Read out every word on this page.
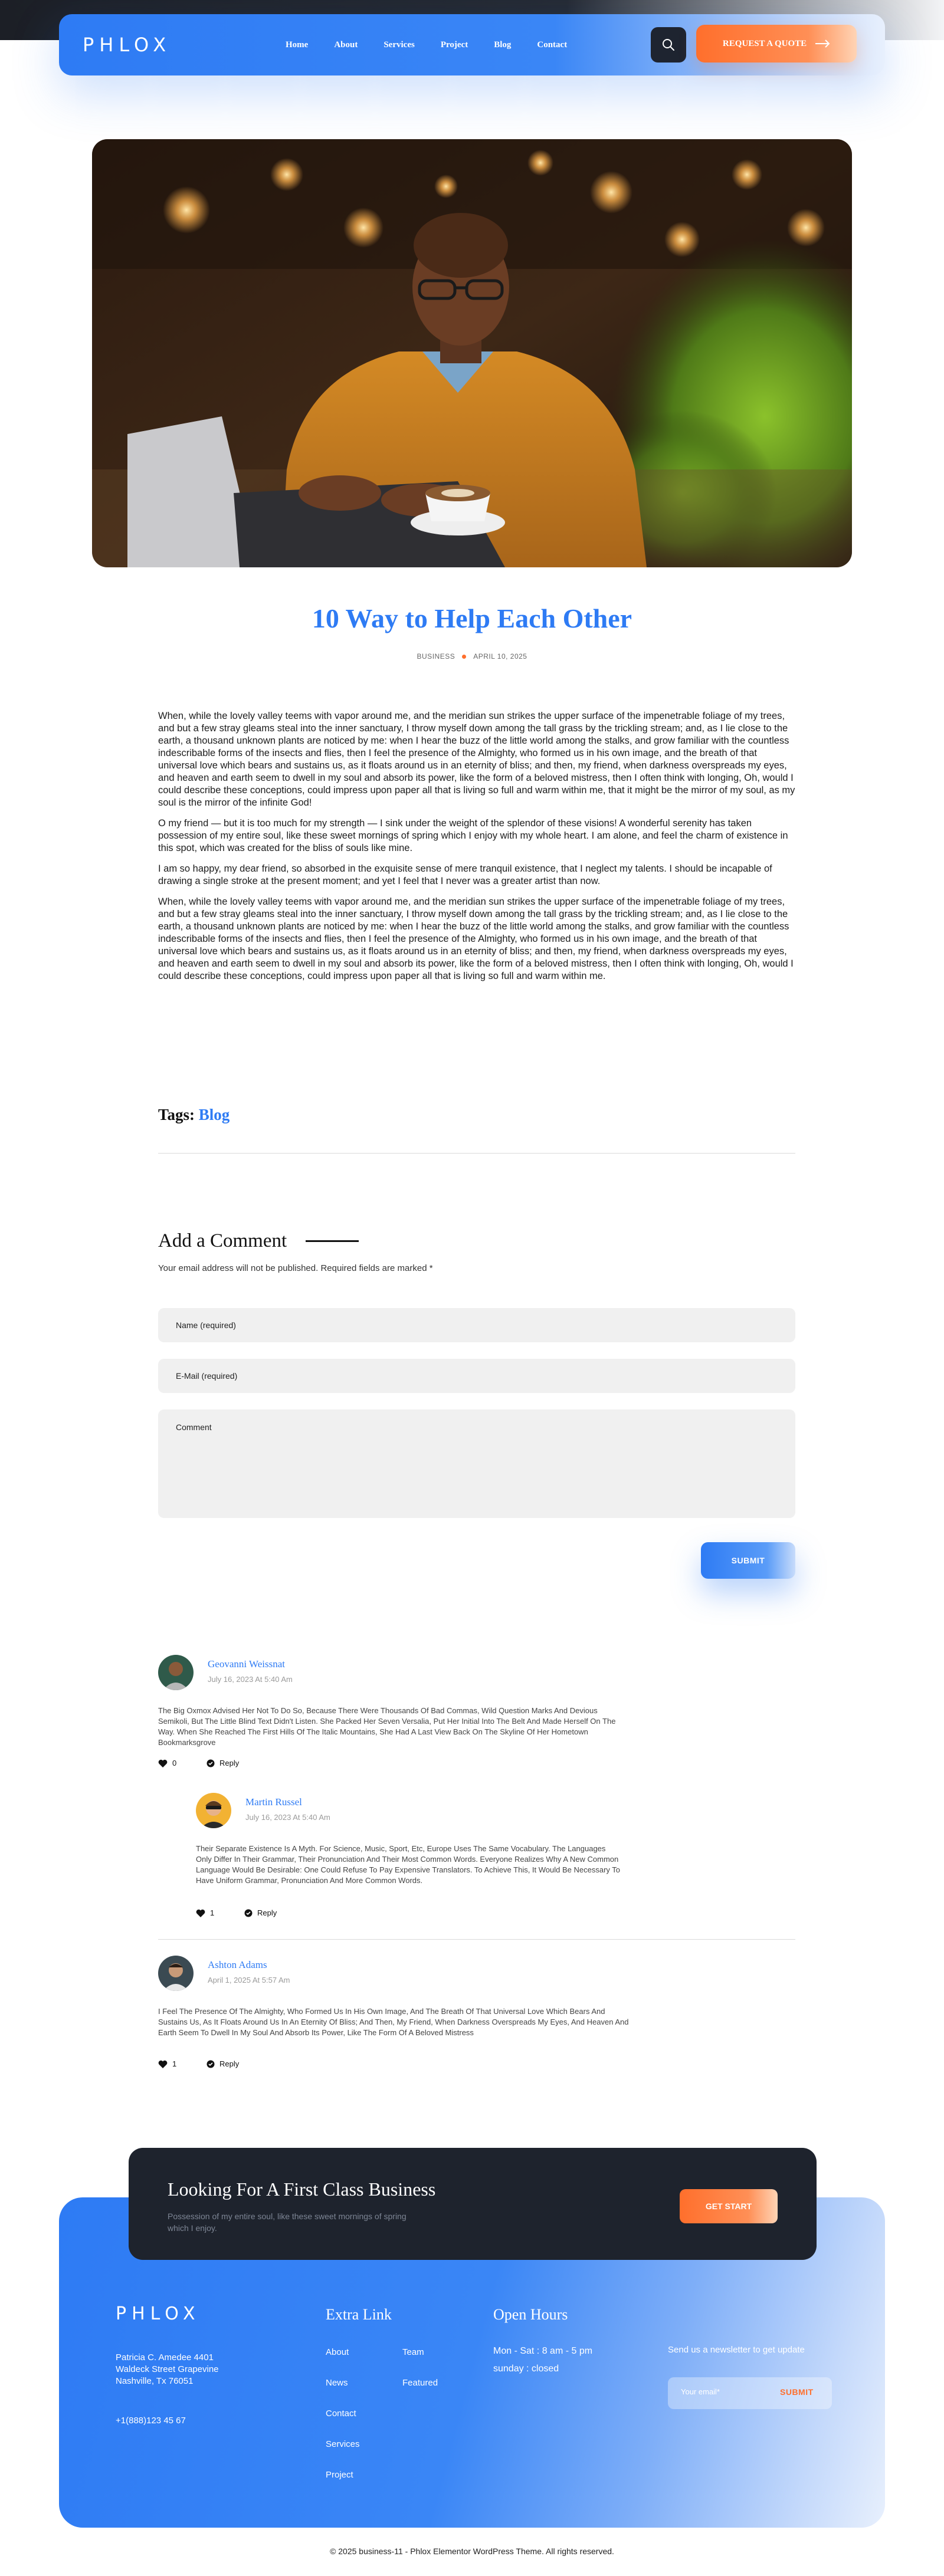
PHLOX	Home	About	Services	Project	Blog	Contact	REQUEST A QUOTE
10 Way to Help Each Other
BUSINESS	APRIL 10, 2025

When, while the lovely valley teems with vapor around me, and the meridian sun strikes the upper surface of the impenetrable foliage of my trees, and but a few stray gleams steal into the inner sanctuary, I throw myself down among the tall grass by the trickling stream; and, as I lie close to the earth, a thousand unknown plants are noticed by me: when I hear the buzz of the little world among the stalks, and grow familiar with the countless indescribable forms of the insects and flies, then I feel the presence of the Almighty, who formed us in his own image, and the breath of that universal love which bears and sustains us, as it floats around us in an eternity of bliss; and then, my friend, when darkness overspreads my eyes, and heaven and earth seem to dwell in my soul and absorb its power, like the form of a beloved mistress, then I often think with longing, Oh, would I could describe these conceptions, could impress upon paper all that is living so full and warm within me, that it might be the mirror of my soul, as my soul is the mirror of the infinite God!

O my friend — but it is too much for my strength — I sink under the weight of the splendor of these visions! A wonderful serenity has taken possession of my entire soul, like these sweet mornings of spring which I enjoy with my whole heart. I am alone, and feel the charm of existence in this spot, which was created for the bliss of souls like mine.

I am so happy, my dear friend, so absorbed in the exquisite sense of mere tranquil existence, that I neglect my talents. I should be incapable of drawing a single stroke at the present moment; and yet I feel that I never was a greater artist than now.

When, while the lovely valley teems with vapor around me, and the meridian sun strikes the upper surface of the impenetrable foliage of my trees, and but a few stray gleams steal into the inner sanctuary, I throw myself down among the tall grass by the trickling stream; and, as I lie close to the earth, a thousand unknown plants are noticed by me: when I hear the buzz of the little world among the stalks, and grow familiar with the countless indescribable forms of the insects and flies, then I feel the presence of the Almighty, who formed us in his own image, and the breath of that universal love which bears and sustains us, as it floats around us in an eternity of bliss; and then, my friend, when darkness overspreads my eyes, and heaven and earth seem to dwell in my soul and absorb its power, like the form of a beloved mistress, then I often think with longing, Oh, would I could describe these conceptions, could impress upon paper all that is living so full and warm within me.

Tags: Blog
Add a Comment
Your email address will not be published. Required fields are marked *
Name (required)
E-Mail (required)
Comment
SUBMIT
Geovanni Weissnat
July 16, 2023 At 5:40 Am
The Big Oxmox Advised Her Not To Do So, Because There Were Thousands Of Bad Commas, Wild Question Marks And Devious Semikoli, But The Little Blind Text Didn't Listen. She Packed Her Seven Versalia, Put Her Initial Into The Belt And Made Herself On The Way. When She Reached The First Hills Of The Italic Mountains, She Had A Last View Back On The Skyline Of Her Hometown Bookmarksgrove
0	Reply
Martin Russel
July 16, 2023 At 5:40 Am
Their Separate Existence Is A Myth. For Science, Music, Sport, Etc, Europe Uses The Same Vocabulary. The Languages Only Differ In Their Grammar, Their Pronunciation And Their Most Common Words. Everyone Realizes Why A New Common Language Would Be Desirable: One Could Refuse To Pay Expensive Translators. To Achieve This, It Would Be Necessary To Have Uniform Grammar, Pronunciation And More Common Words.
1	Reply
Ashton Adams
April 1, 2025 At 5:57 Am
I Feel The Presence Of The Almighty, Who Formed Us In His Own Image, And The Breath Of That Universal Love Which Bears And Sustains Us, As It Floats Around Us In An Eternity Of Bliss; And Then, My Friend, When Darkness Overspreads My Eyes, And Heaven And Earth Seem To Dwell In My Soul And Absorb Its Power, Like The Form Of A Beloved Mistress
1	Reply
Looking For A First Class Business
Possession of my entire soul, like these sweet mornings of spring which I enjoy.
GET START
PHLOX
Patricia C. Amedee 4401
Waldeck Street Grapevine
Nashville, Tx 76051
+1(888)123 45 67
Extra Link
About
News
Contact
Services
Project
Team
Featured
Open Hours
Mon - Sat : 8 am - 5 pm
sunday : closed
Send us a newsletter to get update
Your email*
SUBMIT
© 2025 business-11 - Phlox Elementor WordPress Theme. All rights reserved.
